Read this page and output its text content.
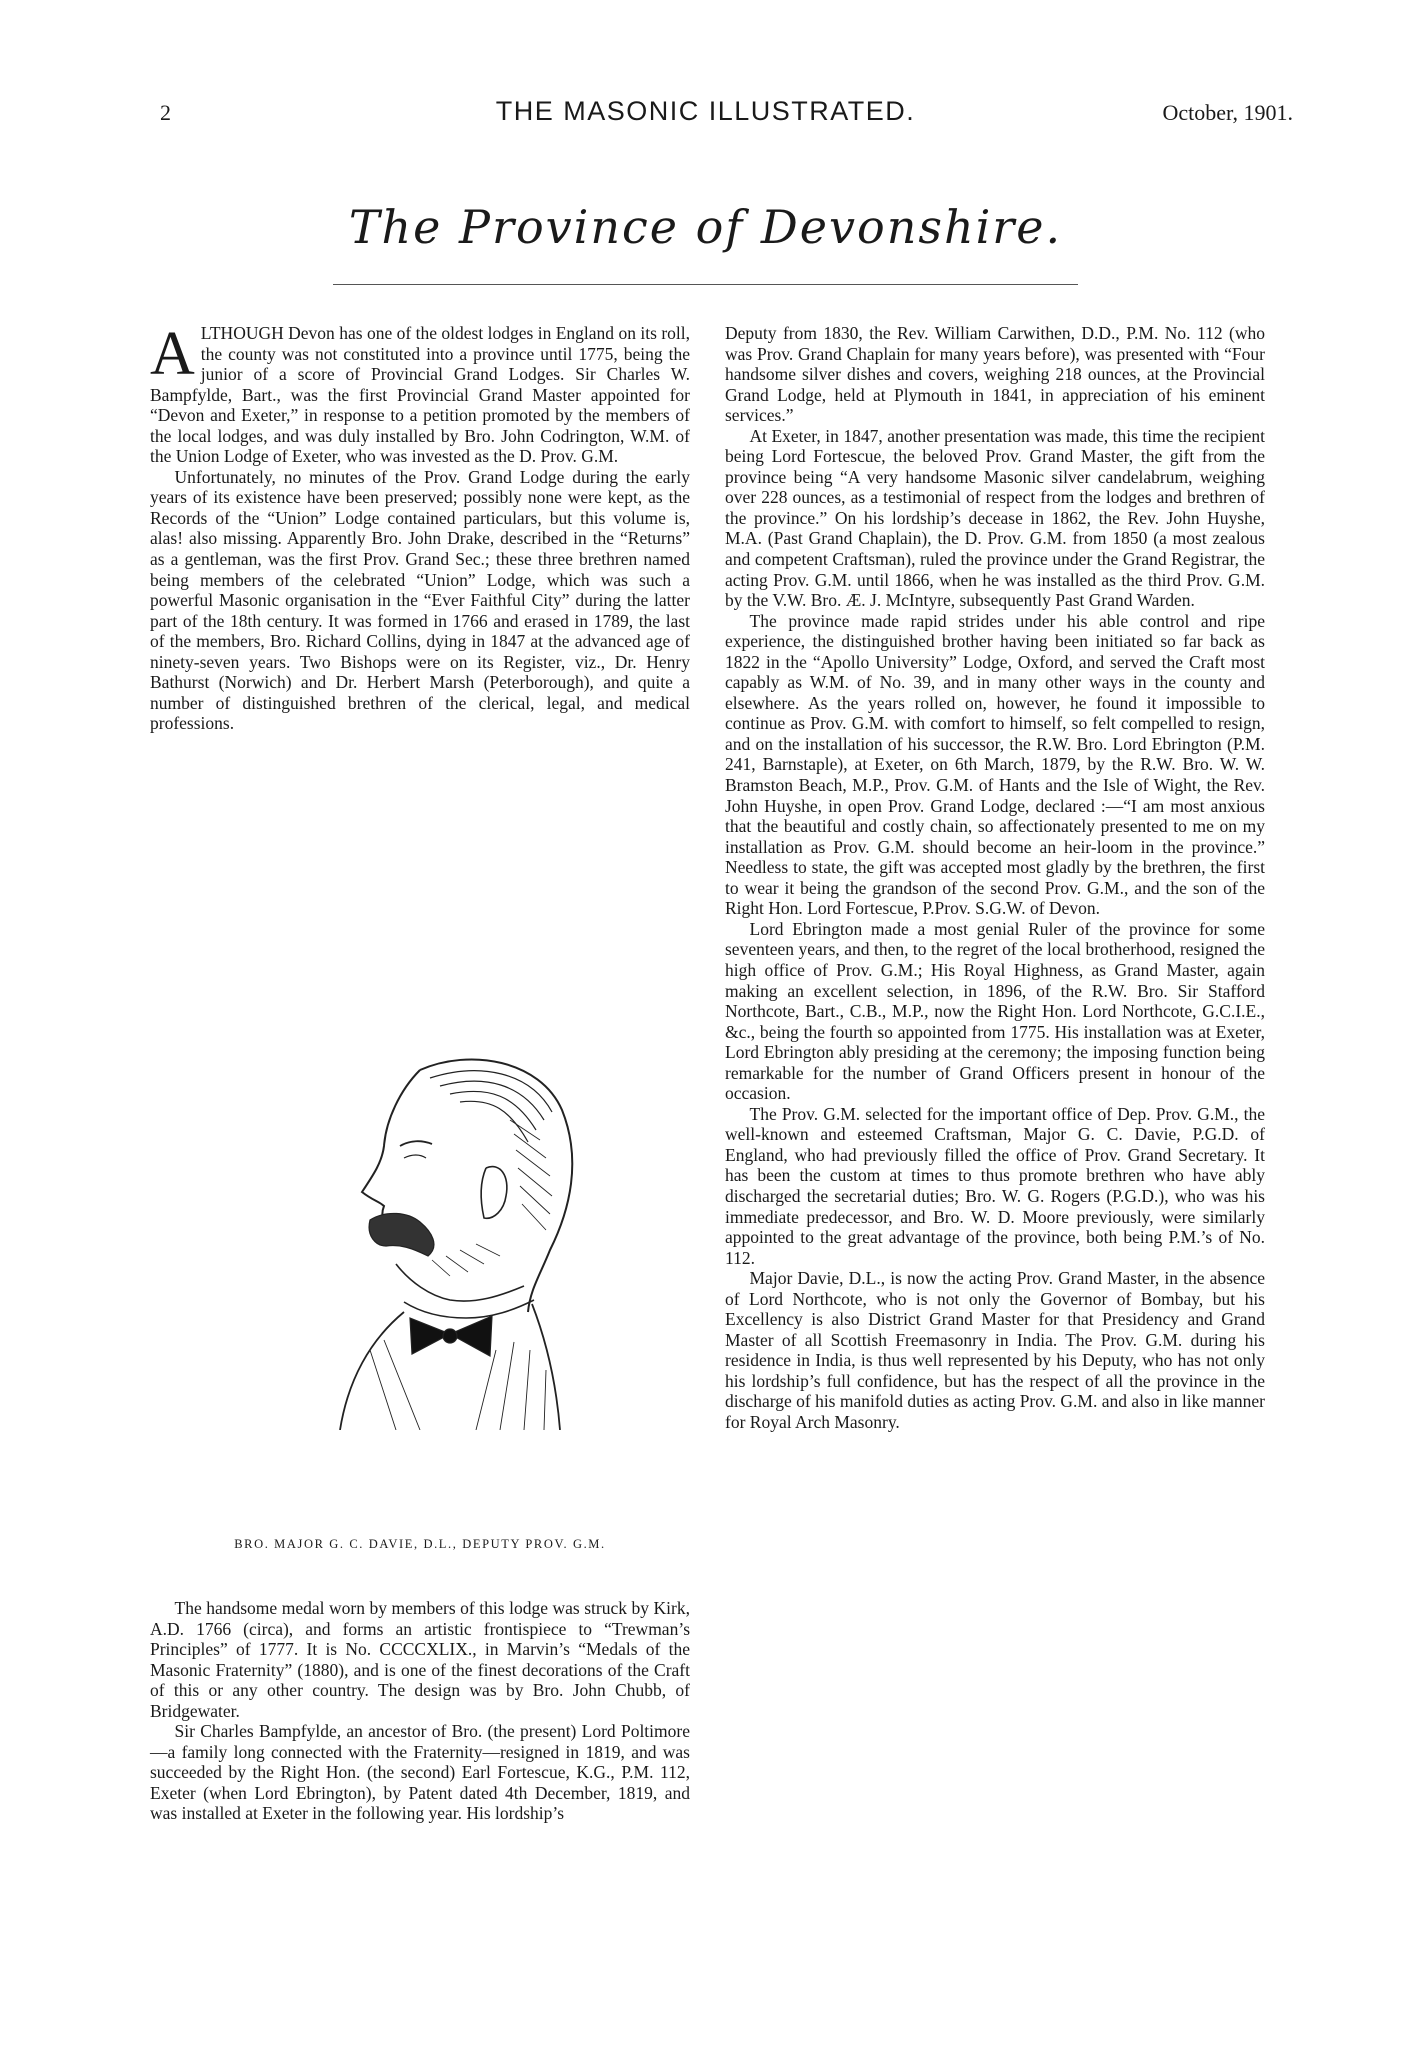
2	THE MASONIC ILLUSTRATED.	October, 1901.
The Province of Devonshire.

ALTHOUGH Devon has one of the oldest lodges in England on its roll, the county was not constituted into a province until 1775, being the junior of a score of Provincial Grand Lodges. Sir Charles W. Bampfylde, Bart., was the first Provincial Grand Master appointed for “Devon and Exeter,” in response to a petition promoted by the members of the local lodges, and was duly installed by Bro. John Codrington, W.M. of the Union Lodge of Exeter, who was invested as the D. Prov. G.M.

Unfortunately, no minutes of the Prov. Grand Lodge during the early years of its existence have been preserved; possibly none were kept, as the Records of the “Union” Lodge contained particulars, but this volume is, alas! also missing. Apparently Bro. John Drake, described in the “Returns” as a gentleman, was the first Prov. Grand Sec.; these three brethren named being members of the celebrated “Union” Lodge, which was such a powerful Masonic organisation in the “Ever Faithful City” during the latter part of the 18th century. It was formed in 1766 and erased in 1789, the last of the members, Bro. Richard Collins, dying in 1847 at the advanced age of ninety-seven years. Two Bishops were on its Register, viz., Dr. Henry Bathurst (Norwich) and Dr. Herbert Marsh (Peterborough), and quite a number of distinguished brethren of the clerical, legal, and medical professions.

BRO. MAJOR G. C. DAVIE, D.L., DEPUTY PROV. G.M.

The handsome medal worn by members of this lodge was struck by Kirk, A.D. 1766 (circa), and forms an artistic frontispiece to “Trewman’s Principles” of 1777. It is No. CCCCXLIX., in Marvin’s “Medals of the Masonic Fraternity” (1880), and is one of the finest decorations of the Craft of this or any other country. The design was by Bro. John Chubb, of Bridgewater.

Sir Charles Bampfylde, an ancestor of Bro. (the present) Lord Poltimore—a family long connected with the Fraternity—resigned in 1819, and was succeeded by the Right Hon. (the second) Earl Fortescue, K.G., P.M. 112, Exeter (when Lord Ebrington), by Patent dated 4th December, 1819, and was installed at Exeter in the following year. His lordship’s

Deputy from 1830, the Rev. William Carwithen, D.D., P.M. No. 112 (who was Prov. Grand Chaplain for many years before), was presented with “Four handsome silver dishes and covers, weighing 218 ounces, at the Provincial Grand Lodge, held at Plymouth in 1841, in appreciation of his eminent services.”

At Exeter, in 1847, another presentation was made, this time the recipient being Lord Fortescue, the beloved Prov. Grand Master, the gift from the province being “A very handsome Masonic silver candelabrum, weighing over 228 ounces, as a testimonial of respect from the lodges and brethren of the province.” On his lordship’s decease in 1862, the Rev. John Huyshe, M.A. (Past Grand Chaplain), the D. Prov. G.M. from 1850 (a most zealous and competent Craftsman), ruled the province under the Grand Registrar, the acting Prov. G.M. until 1866, when he was installed as the third Prov. G.M. by the V.W. Bro. Æ. J. McIntyre, subsequently Past Grand Warden.

The province made rapid strides under his able control and ripe experience, the distinguished brother having been initiated so far back as 1822 in the “Apollo University” Lodge, Oxford, and served the Craft most capably as W.M. of No. 39, and in many other ways in the county and elsewhere. As the years rolled on, however, he found it impossible to continue as Prov. G.M. with comfort to himself, so felt compelled to resign, and on the installation of his successor, the R.W. Bro. Lord Ebrington (P.M. 241, Barnstaple), at Exeter, on 6th March, 1879, by the R.W. Bro. W. W. Bramston Beach, M.P., Prov. G.M. of Hants and the Isle of Wight, the Rev. John Huyshe, in open Prov. Grand Lodge, declared :—“I am most anxious that the beautiful and costly chain, so affectionately presented to me on my installation as Prov. G.M. should become an heir-loom in the province.” Needless to state, the gift was accepted most gladly by the brethren, the first to wear it being the grandson of the second Prov. G.M., and the son of the Right Hon. Lord Fortescue, P.Prov. S.G.W. of Devon.

Lord Ebrington made a most genial Ruler of the province for some seventeen years, and then, to the regret of the local brotherhood, resigned the high office of Prov. G.M.; His Royal Highness, as Grand Master, again making an excellent selection, in 1896, of the R.W. Bro. Sir Stafford Northcote, Bart., C.B., M.P., now the Right Hon. Lord Northcote, G.C.I.E., &c., being the fourth so appointed from 1775. His installation was at Exeter, Lord Ebrington ably presiding at the ceremony; the imposing function being remarkable for the number of Grand Officers present in honour of the occasion.

The Prov. G.M. selected for the important office of Dep. Prov. G.M., the well-known and esteemed Craftsman, Major G. C. Davie, P.G.D. of England, who had previously filled the office of Prov. Grand Secretary. It has been the custom at times to thus promote brethren who have ably discharged the secretarial duties; Bro. W. G. Rogers (P.G.D.), who was his immediate predecessor, and Bro. W. D. Moore previously, were similarly appointed to the great advantage of the province, both being P.M.’s of No. 112.

Major Davie, D.L., is now the acting Prov. Grand Master, in the absence of Lord Northcote, who is not only the Governor of Bombay, but his Excellency is also District Grand Master for that Presidency and Grand Master of all Scottish Freemasonry in India. The Prov. G.M. during his residence in India, is thus well represented by his Deputy, who has not only his lordship’s full confidence, but has the respect of all the province in the discharge of his manifold duties as acting Prov. G.M. and also in like manner for Royal Arch Masonry.
